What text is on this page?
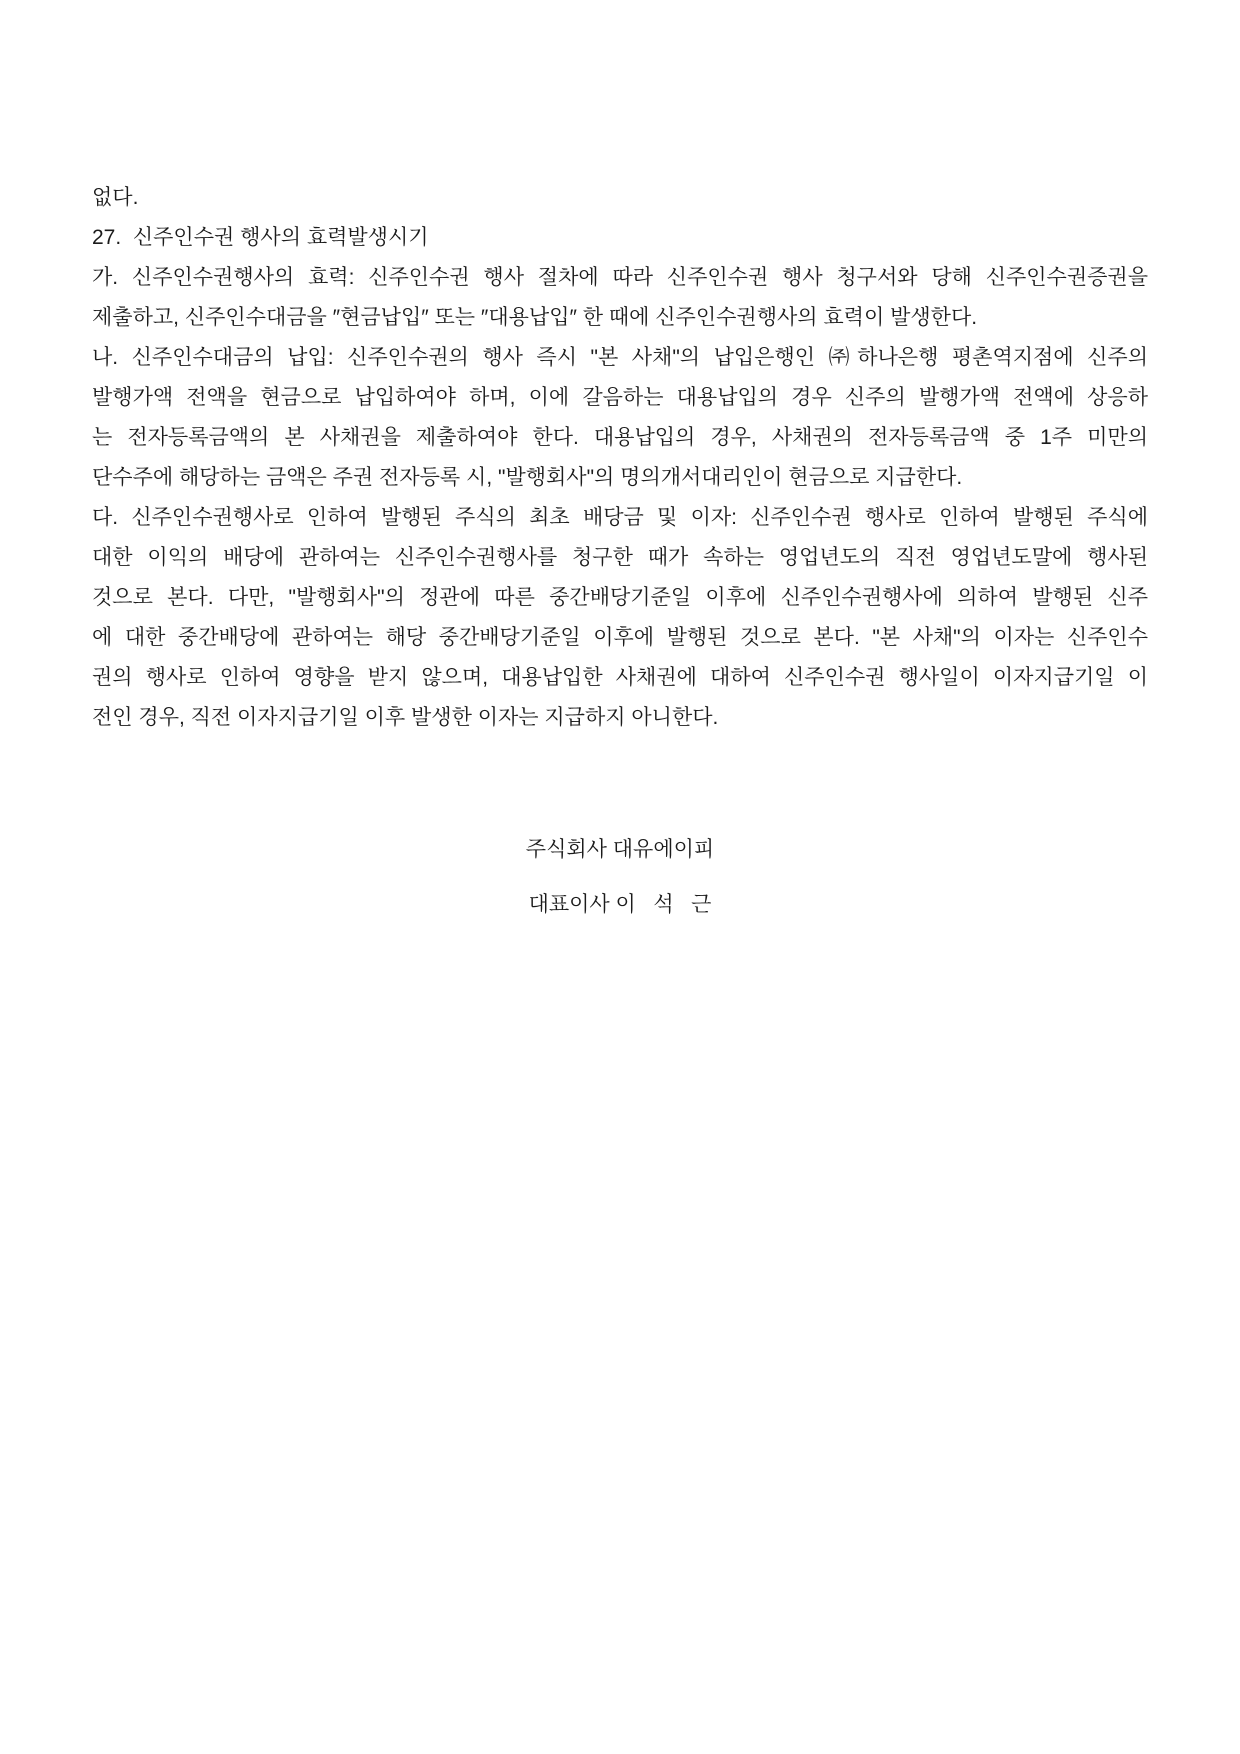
없다.

27.  신주인수권 행사의 효력발생시기

가. 신주인수권행사의 효력: 신주인수권 행사 절차에 따라 신주인수권 행사 청구서와 당해 신주인수권증권을
제출하고, 신주인수대금을 ″현금납입″ 또는 ″대용납입″ 한 때에 신주인수권행사의 효력이 발생한다.

나. 신주인수대금의 납입: 신주인수권의 행사 즉시 "본 사채"의 납입은행인 ㈜하나은행 평촌역지점에 신주의
발행가액 전액을 현금으로 납입하여야 하며, 이에 갈음하는 대용납입의 경우 신주의 발행가액 전액에 상응하
는 전자등록금액의 본 사채권을 제출하여야 한다. 대용납입의 경우, 사채권의 전자등록금액 중 1주 미만의
단수주에 해당하는 금액은 주권 전자등록 시, "발행회사"의 명의개서대리인이 현금으로 지급한다.

다. 신주인수권행사로 인하여 발행된 주식의 최초 배당금 및 이자: 신주인수권 행사로 인하여 발행된 주식에
대한 이익의 배당에 관하여는 신주인수권행사를 청구한 때가 속하는 영업년도의 직전 영업년도말에 행사된
것으로 본다. 다만, "발행회사"의 정관에 따른 중간배당기준일 이후에 신주인수권행사에 의하여 발행된 신주
에 대한 중간배당에 관하여는 해당 중간배당기준일 이후에 발행된 것으로 본다. "본 사채"의 이자는 신주인수
권의 행사로 인하여 영향을 받지 않으며, 대용납입한 사채권에 대하여 신주인수권 행사일이 이자지급기일 이
전인 경우, 직전 이자지급기일 이후 발생한 이자는 지급하지 아니한다.

주식회사 대유에이피
대표이사 이   석   근
